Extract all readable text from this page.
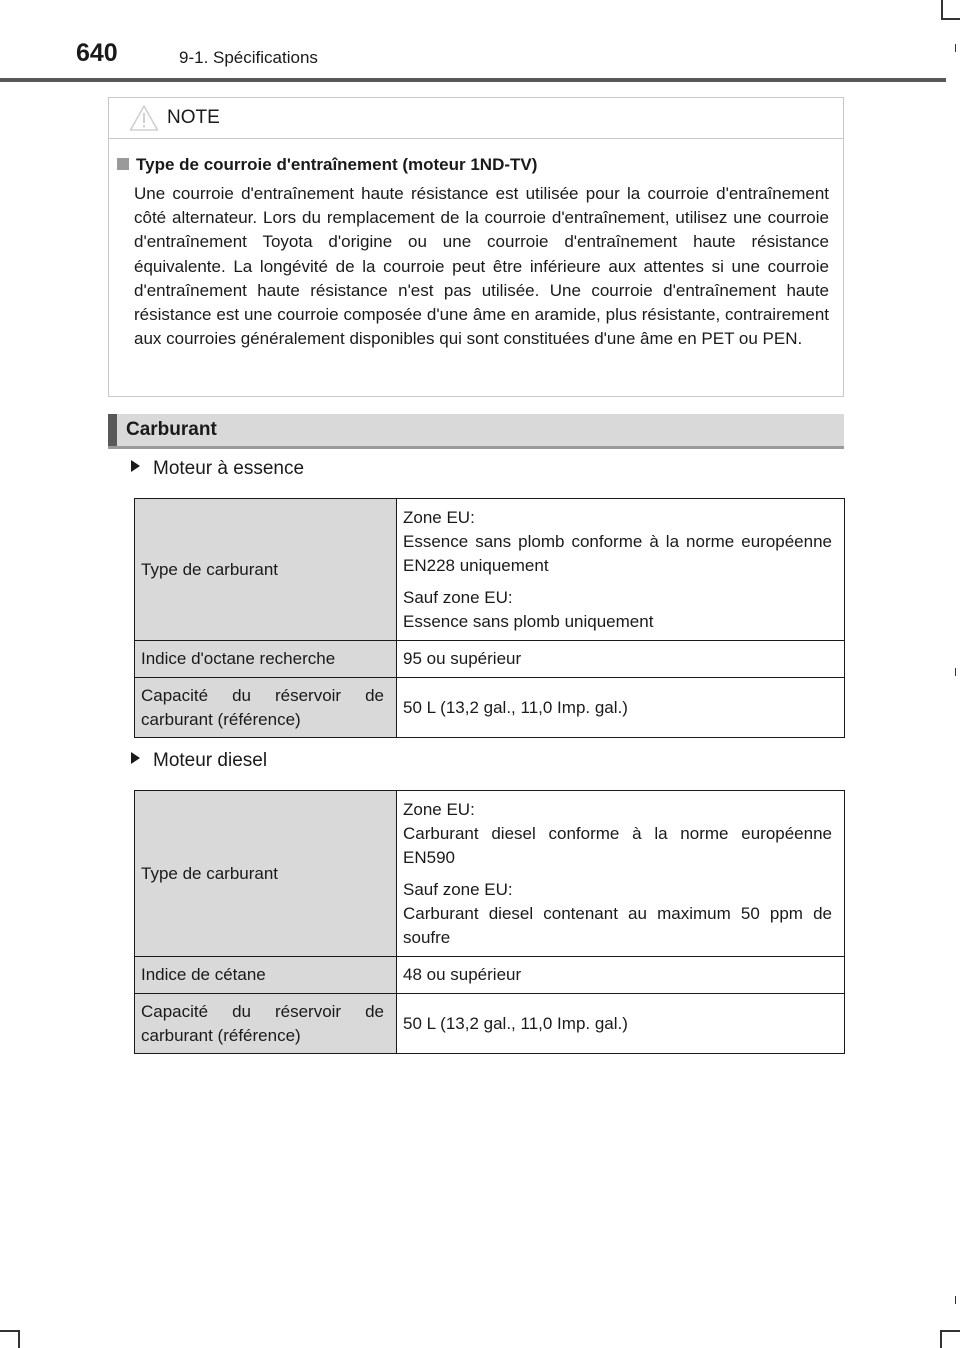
640	9-1. Spécifications
NOTE
Type de courroie d'entraînement (moteur 1ND-TV)
Une courroie d'entraînement haute résistance est utilisée pour la courroie d'entraînement côté alternateur. Lors du remplacement de la courroie d'entraînement, utilisez une courroie d'entraînement Toyota d'origine ou une courroie d'entraînement haute résistance équivalente. La longévité de la courroie peut être inférieure aux attentes si une courroie d'entraînement haute résistance n'est pas utilisée. Une courroie d'entraînement haute résistance est une courroie composée d'une âme en aramide, plus résistante, contrairement aux courroies généralement disponibles qui sont constituées d'une âme en PET ou PEN.
Carburant
Moteur à essence
Type de carburant	Zone EU:
Essence sans plomb conforme à la norme européenne EN228 uniquement
Sauf zone EU:
Essence sans plomb uniquement

Indice d'octane recherche	95 ou supérieur
Capacité du réservoir de carburant (référence)	50 L (13,2 gal., 11,0 Imp. gal.)
Moteur diesel
Type de carburant	Zone EU:
Carburant diesel conforme à la norme européenne EN590
Sauf zone EU:
Carburant diesel contenant au maximum 50 ppm de soufre

Indice de cétane	48 ou supérieur
Capacité du réservoir de carburant (référence)	50 L (13,2 gal., 11,0 Imp. gal.)
